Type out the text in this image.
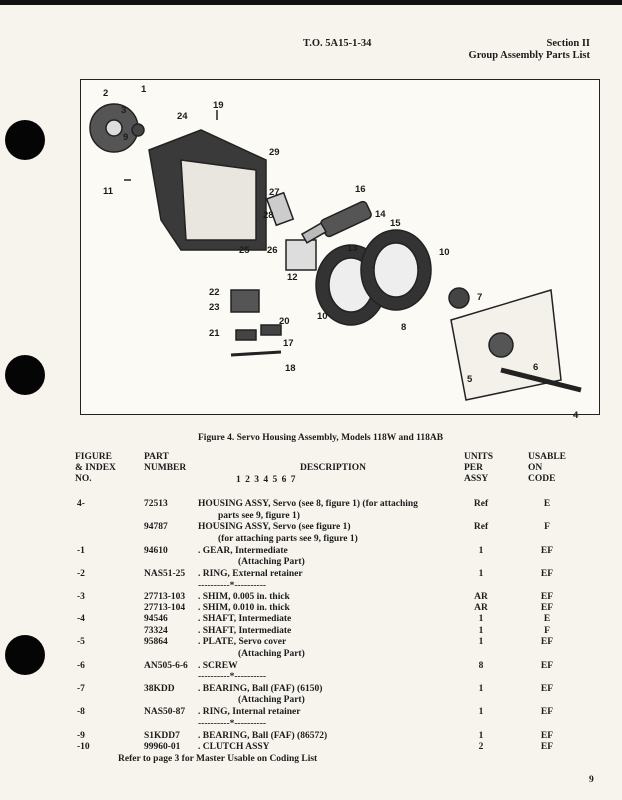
T.O. 5A15-1-34	Section II
Group Assembly Parts List
1
2
3
9
24
19
29
11	27
28
16
14
15
13	10
12
25 26
22
23
21
20
17
18
8
7
5
6
4
10
Figure 4. Servo Housing Assembly, Models 118W and 118AB
FIGURE
& INDEX
NO.
PART
NUMBER	DESCRIPTION
1 2 3 4 5 6 7
UNITS
PER
ASSY
USABLE
ON
CODE
4-	72513	HOUSING ASSY, Servo (see 8, figure 1) (for attaching	Ref	E
parts see 9, figure 1)
94787	HOUSING ASSY, Servo (see figure 1)	Ref	F
(for attaching parts see 9, figure 1)
-1	94610	. GEAR, Intermediate	1	EF
(Attaching Part)
-2	NAS51-25 . RING, External retainer	1	EF
----------*----------
-3	27713-103 . SHIM, 0.005 in. thick	AR	EF
27713-104 . SHIM, 0.010 in. thick	AR	EF
-4	94546	. SHAFT, Intermediate	1	E
73324	. SHAFT, Intermediate	1	F
-5	95864	. PLATE, Servo cover	1	EF
(Attaching Part)
-6	AN505-6-6 . SCREW	8	EF
----------*----------
-7	38KDD . BEARING, Ball (FAF) (6150)	1	EF
(Attaching Part)
-8	NAS50-87 . RING, Internal retainer	1	EF
----------*----------
-9	S1KDD7 . BEARING, Ball (FAF) (86572)	1	EF
-10	99960-01 . CLUTCH ASSY	2	EF
Refer to page 3 for Master Usable on Coding List
9
